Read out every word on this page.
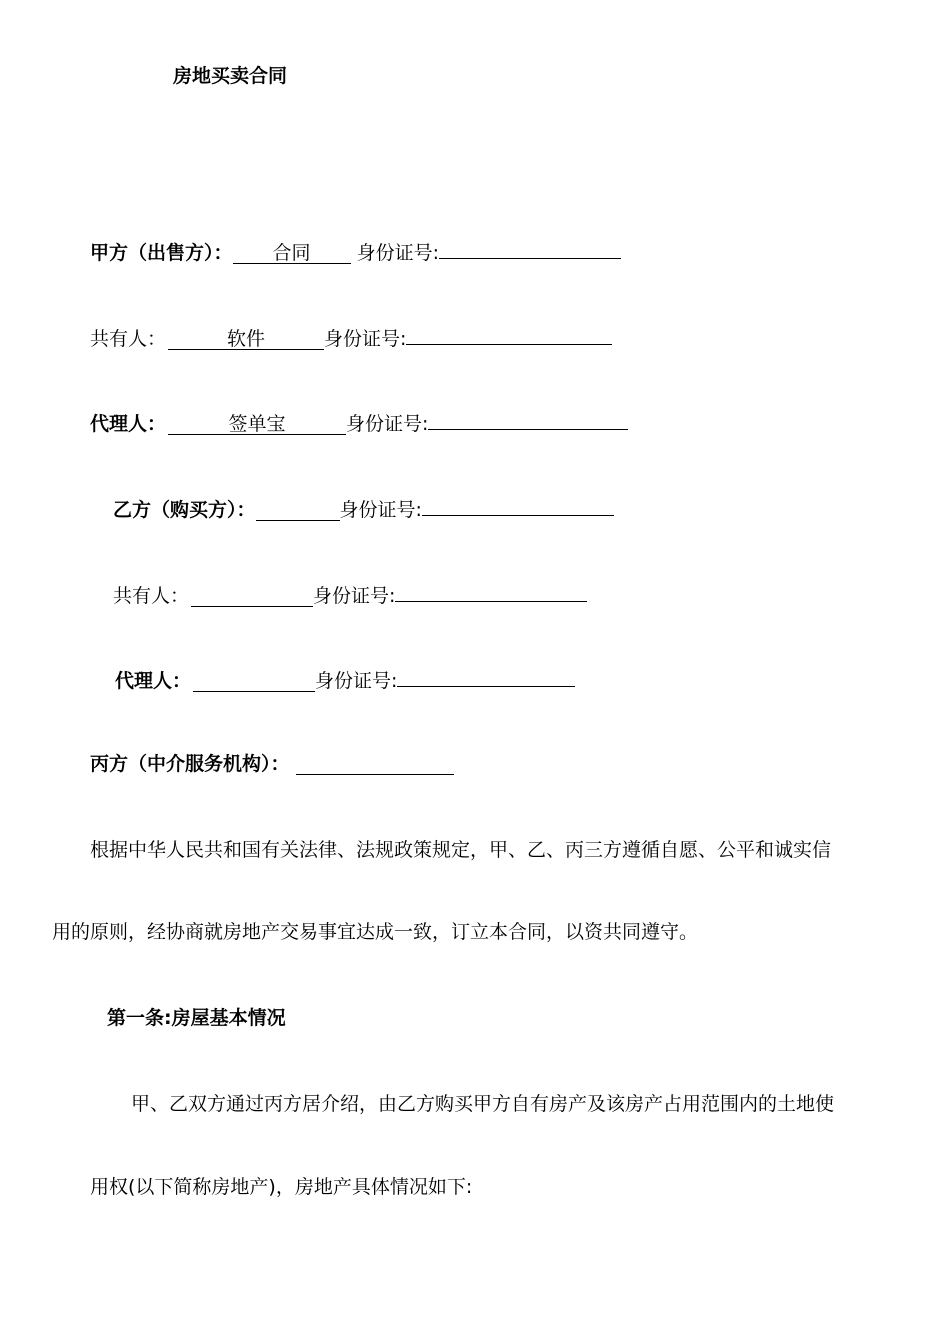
房地买卖合同
甲方（出售方）： 合同 身份证号:
共有人：	软件	身份证号:
代理人：	签单宝	身份证号:
乙方（购买方）：	身份证号:
共有人：	身份证号:
代理人：	身份证号:
丙方（中介服务机构）：
根据中华人民共和国有关法律、法规政策规定，甲、乙、丙三方遵循自愿、公平和诚实信
用的原则，经协商就房地产交易事宜达成一致，订立本合同，以资共同遵守。
第一条:房屋基本情况
甲、乙双方通过丙方居介绍，由乙方购买甲方自有房产及该房产占用范围内的土地使
用权(以下简称房地产)，房地产具体情况如下:
